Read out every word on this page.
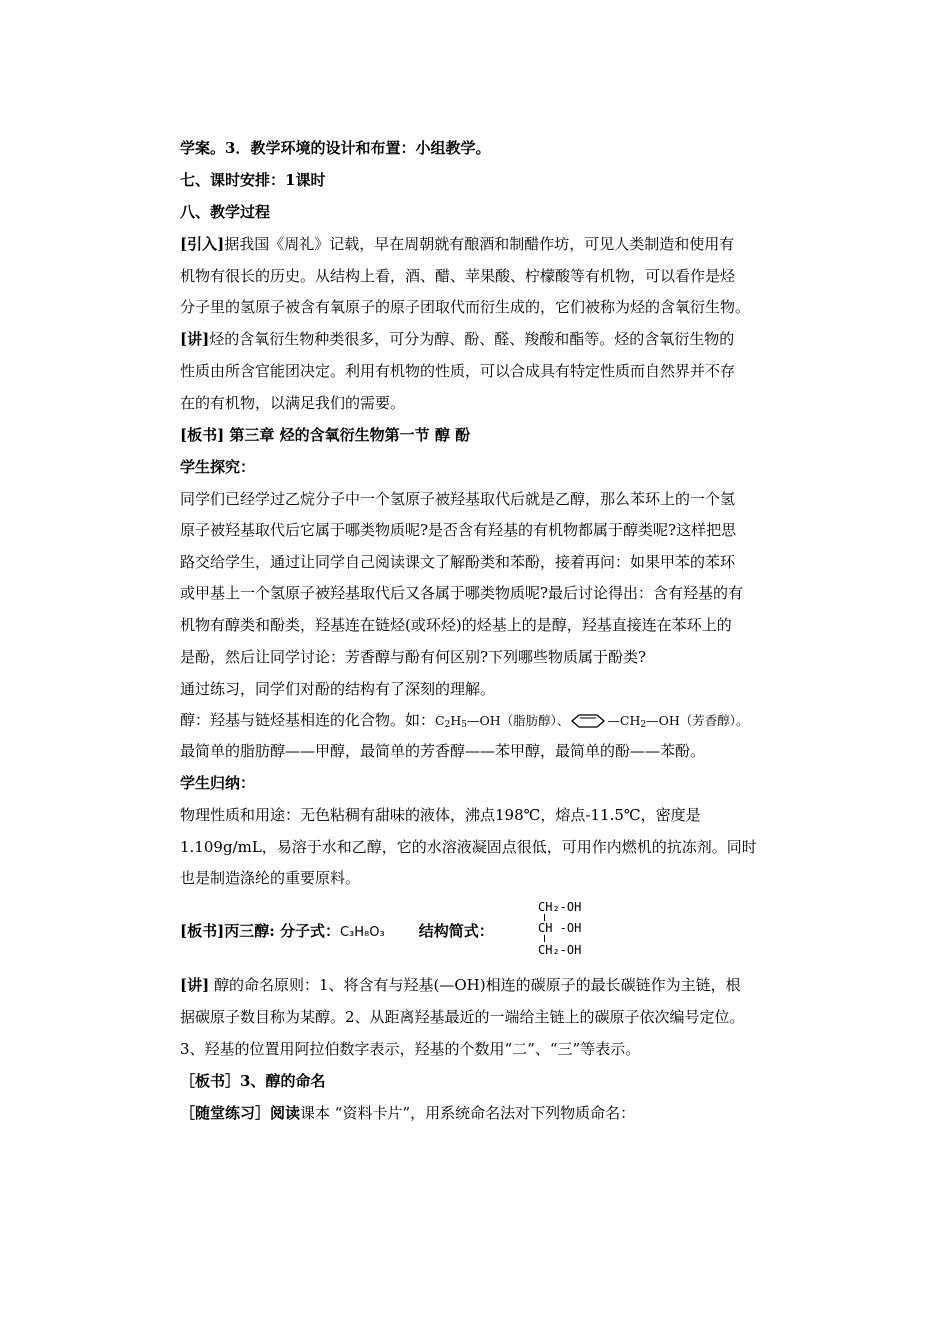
学案。3．教学环境的设计和布置：小组教学。
七、课时安排：1课时
八、教学过程
[引入]据我国《周礼》记载，早在周朝就有酿酒和制醋作坊，可见人类制造和使用有
机物有很长的历史。从结构上看，酒、醋、苹果酸、柠檬酸等有机物，可以看作是烃
分子里的氢原子被含有氧原子的原子团取代而衍生成的，它们被称为烃的含氧衍生物。
[讲]烃的含氧衍生物种类很多，可分为醇、酚、醛、羧酸和酯等。烃的含氧衍生物的
性质由所含官能团决定。利用有机物的性质，可以合成具有特定性质而自然界并不存
在的有机物，以满足我们的需要。
[板书] 第三章 烃的含氧衍生物第一节 醇 酚
学生探究：
同学们已经学过乙烷分子中一个氢原子被羟基取代后就是乙醇，那么苯环上的一个氢
原子被羟基取代后它属于哪类物质呢?是否含有羟基的有机物都属于醇类呢?这样把思
路交给学生，通过让同学自己阅读课文了解酚类和苯酚，接着再问：如果甲苯的苯环
或甲基上一个氢原子被羟基取代后又各属于哪类物质呢?最后讨论得出：含有羟基的有
机物有醇类和酚类，羟基连在链烃(或环烃)的烃基上的是醇，羟基直接连在苯环上的
是酚，然后让同学讨论：芳香醇与酚有何区别?下列哪些物质属于酚类?
通过练习，同学们对酚的结构有了深刻的理解。
醇：羟基与链烃基相连的化合物。如：$C_2H_5—OH$（脂肪醇）、	$—CH_2—OH$（芳香醇）。
最简单的脂肪醇——甲醇，最简单的芳香醇——苯甲醇，最简单的酚——苯酚。
学生归纳：
物理性质和用途：无色粘稠有甜味的液体，沸点198℃，熔点-11.5℃，密度是
1.109g/mL，易溶于水和乙醇，它的水溶液凝固点很低，可用作内燃机的抗冻剂。同时
也是制造涤纶的重要原料。
[板书]丙三醇: 分子式：C₃H₈O₃ 结构简式：
CH₂-OH
CH -OH
CH₂-OH
[讲] 醇的命名原则：1、将含有与羟基(—OH)相连的碳原子的最长碳链作为主链，根
据碳原子数目称为某醇。2、从距离羟基最近的一端给主链上的碳原子依次编号定位。
3、羟基的位置用阿拉伯数字表示，羟基的个数用“二”、“三”等表示。
［板书］3、醇的命名
［随堂练习］阅读课本 “资料卡片”，用系统命名法对下列物质命名：
